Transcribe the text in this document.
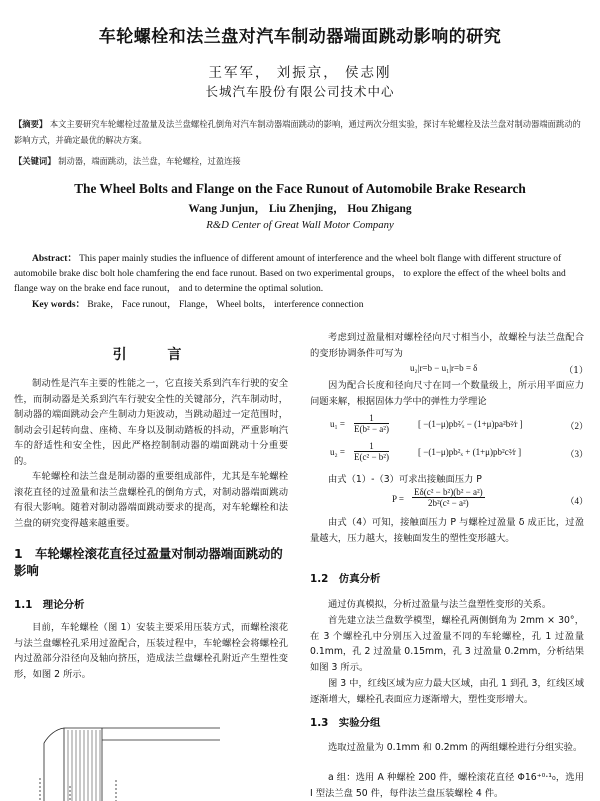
车轮螺栓和法兰盘对汽车制动器端面跳动影响的研究
王军军， 刘振京， 侯志刚
长城汽车股份有限公司技术中心
【摘要】 本文主要研究车轮螺栓过盈量及法兰盘螺栓孔倒角对汽车制动器端面跳动的影响，通过两次分组实验，探讨车轮螺栓及法兰盘对制动器端面跳动的影响方式，并确定最优的解决方案。
【关键词】 制动器，端面跳动，法兰盘，车轮螺栓，过盈连接
The Wheel Bolts and Flange on the Face Runout of Automobile Brake Research
Wang Junjun， Liu Zhenjing， Hou Zhigang
R&D Center of Great Wall Motor Company
Abstract： This paper mainly studies the influence of different amount of interference and the wheel bolt flange with different structure of automobile brake disc bolt hole chamfering the end face runout. Based on two experimental groups， to explore the effect of the wheel bolts and flange way on the brake end face runout， and to determine the optimal solution.
Key words： Brake， Face runout， Flange， Wheel bolts， interference connection
引 言
制动性是汽车主要的性能之一，它直接关系到汽车行驶的安全性，而制动器是关系到汽车行驶安全性的关键部分，汽车制动时，制动器的端面跳动会产生制动力矩波动，当跳动超过一定范围时，制动会引起转向盘、座椅、车身以及制动踏板的抖动，严重影响汽车的舒适性和安全性，因此严格控制制动器的端面跳动十分重要的。
车轮螺栓和法兰盘是制动器的重要组成部件，尤其是车轮螺栓滚花直径的过盈量和法兰盘螺栓孔的倒角方式，对制动器端面跳动有很大影响。随着对制动器端面跳动要求的提高，对车轮螺栓和法兰盘的研究变得越来越重要。
1　车轮螺栓滚花直径过盈量对制动器端面跳动的影响
1.1　理论分析
目前，车轮螺栓（图 1）安装主要采用压装方式，而螺栓滚花与法兰盘螺栓孔采用过盈配合，压装过程中，车轮螺栓会将螺栓孔内过盈部分沿径向及轴向挤压，造成法兰盘螺栓孔附近产生塑性变形，如图 2 所示。
考虑到过盈量相对螺栓径向尺寸相当小，故螺栓与法兰盘配合的变形协调条件可写为
因为配合长度和径向尺寸在同一个数量级上，所示用平面应力问题来解，根据固体力学中的弹性力学理论
由式（1）-（3）可求出接触面压力 P
由式（4）可知，接触面压力 P 与螺栓过盈量 δ 成正比，过盈量越大，压力越大，接触面发生的塑性变形越大。
u₂|r=b − u₁|r=b = δ	（1）
$u_1 = \frac{1}{\text{E(b² − a²)}}$	[ −(1−μ)pb²⁄ₓ − (1+μ)pa²b²⁄r ]	（2）
$u_2 = \frac{1}{\text{E(c² − b²)}}$	[ −(1−μ)pb²ₓ + (1+μ)pb²c²⁄r ]	（3）
$P = \frac{\text{Eδ(c² − b²)(b² − a²)}}{\text{2b²(c² − a²)}}$	（4）
1.2　仿真分析
通过仿真模拟，分析过盈量与法兰盘塑性变形的关系。
首先建立法兰盘数学模型，螺栓孔两侧倒角为 2mm × 30°，在 3 个螺栓孔中分别压入过盈量不同的车轮螺栓，孔 1 过盈量 0.1mm，孔 2 过盈量 0.15mm，孔 3 过盈量 0.2mm，分析结果如图 3 所示。
图 3 中，红线区域为应力最大区域，由孔 1 到孔 3，红线区域逐渐增大，螺栓孔表面应力逐渐增大，塑性变形增大。
1.3　实验分组
选取过盈量为 0.1mm 和 0.2mm 的两组螺栓进行分组实验。
a 组：选用 A 种螺栓 200 件，螺栓滚花直径 Φ16⁺⁰·¹₀，选用 I 型法兰盘 50 件，每件法兰盘压装螺栓 4 件。
